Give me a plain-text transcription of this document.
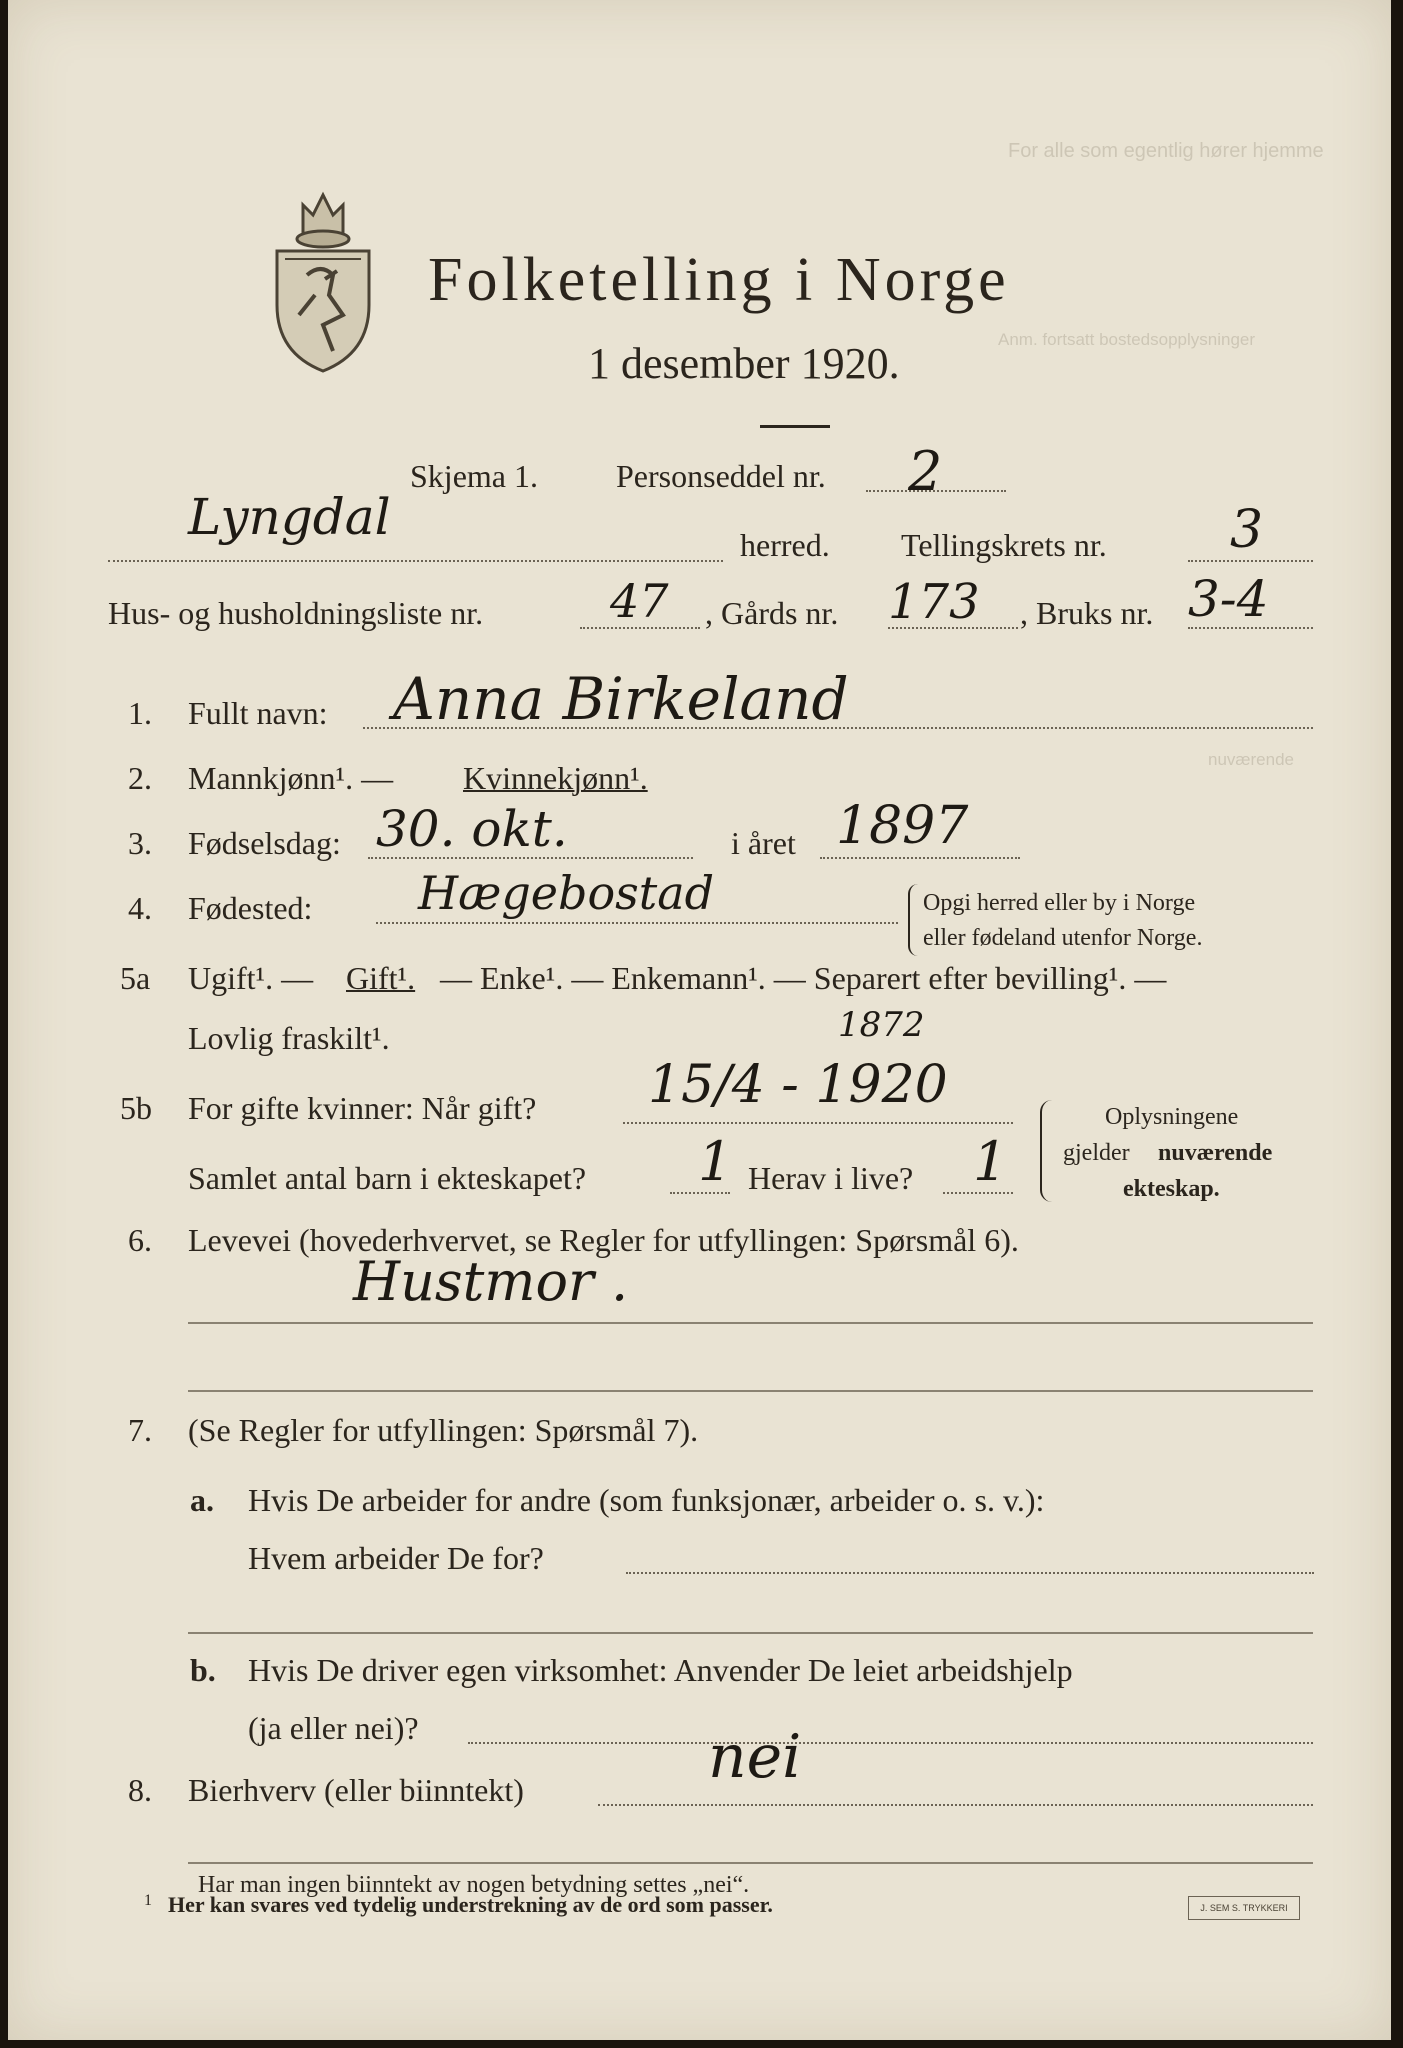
For alle som egentlig hører hjemme
Anm. fortsatt bostedsopplysninger
nuværende
Folketelling i Norge
1 desember 1920.
Skjema 1. Personseddel nr. 2
Lyngdal	herred. Tellingskrets nr. 3
Hus- og husholdningsliste nr.	47 , Gårds nr. 173 , Bruks nr. 3-4
1. Fullt navn: Anna Birkeland
2. Mannkjønn¹. — Kvinnekjønn¹.
3. Fødselsdag: 30. okt.	i året 1897
4. Fødested: Hægebostad	Opgi herred eller by i Norge
eller fødeland utenfor Norge.
5a Ugift¹. — Gift¹. — Enke¹. — Enkemann¹. — Separert efter bevilling¹. —
Lovlig fraskilt¹.	1872
5b For gifte kvinner: Når gift? 15/4 - 1920
Samlet antal barn i ekteskapet? 1 Herav i live? 1
Oplysningene
gjelder nuværende
ekteskap.
6. Levevei (hovederhvervet, se Regler for utfyllingen: Spørsmål 6).
Hustmor .
7. (Se Regler for utfyllingen: Spørsmål 7).
a. Hvis De arbeider for andre (som funksjonær, arbeider o. s. v.):
Hvem arbeider De for?
b. Hvis De driver egen virksomhet: Anvender De leiet arbeidshjelp
(ja eller nei)?
8. Bierhverv (eller biinntekt)	nei
Har man ingen biinntekt av nogen betydning settes „nei“.
1 Her kan svares ved tydelig understrekning av de ord som passer.	J. SEM S. TRYKKERI
